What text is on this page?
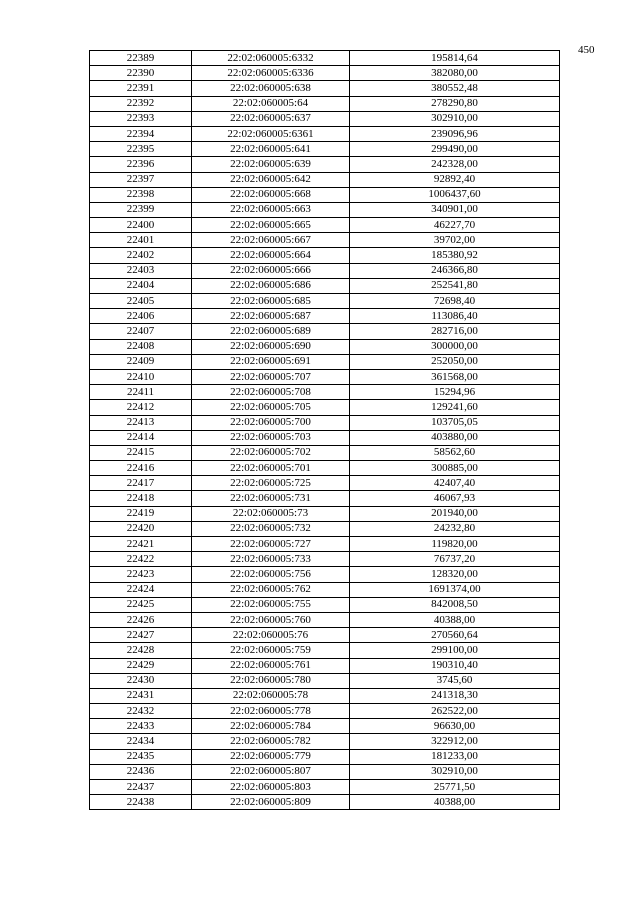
450
22389	22:02:060005:6332	195814,64
22390	22:02:060005:6336	382080,00
22391	22:02:060005:638	380552,48
22392	22:02:060005:64	278290,80
22393	22:02:060005:637	302910,00
22394	22:02:060005:6361	239096,96
22395	22:02:060005:641	299490,00
22396	22:02:060005:639	242328,00
22397	22:02:060005:642	92892,40
22398	22:02:060005:668	1006437,60
22399	22:02:060005:663	340901,00
22400	22:02:060005:665	46227,70
22401	22:02:060005:667	39702,00
22402	22:02:060005:664	185380,92
22403	22:02:060005:666	246366,80
22404	22:02:060005:686	252541,80
22405	22:02:060005:685	72698,40
22406	22:02:060005:687	113086,40
22407	22:02:060005:689	282716,00
22408	22:02:060005:690	300000,00
22409	22:02:060005:691	252050,00
22410	22:02:060005:707	361568,00
22411	22:02:060005:708	15294,96
22412	22:02:060005:705	129241,60
22413	22:02:060005:700	103705,05
22414	22:02:060005:703	403880,00
22415	22:02:060005:702	58562,60
22416	22:02:060005:701	300885,00
22417	22:02:060005:725	42407,40
22418	22:02:060005:731	46067,93
22419	22:02:060005:73	201940,00
22420	22:02:060005:732	24232,80
22421	22:02:060005:727	119820,00
22422	22:02:060005:733	76737,20
22423	22:02:060005:756	128320,00
22424	22:02:060005:762	1691374,00
22425	22:02:060005:755	842008,50
22426	22:02:060005:760	40388,00
22427	22:02:060005:76	270560,64
22428	22:02:060005:759	299100,00
22429	22:02:060005:761	190310,40
22430	22:02:060005:780	3745,60
22431	22:02:060005:78	241318,30
22432	22:02:060005:778	262522,00
22433	22:02:060005:784	96630,00
22434	22:02:060005:782	322912,00
22435	22:02:060005:779	181233,00
22436	22:02:060005:807	302910,00
22437	22:02:060005:803	25771,50
22438	22:02:060005:809	40388,00
